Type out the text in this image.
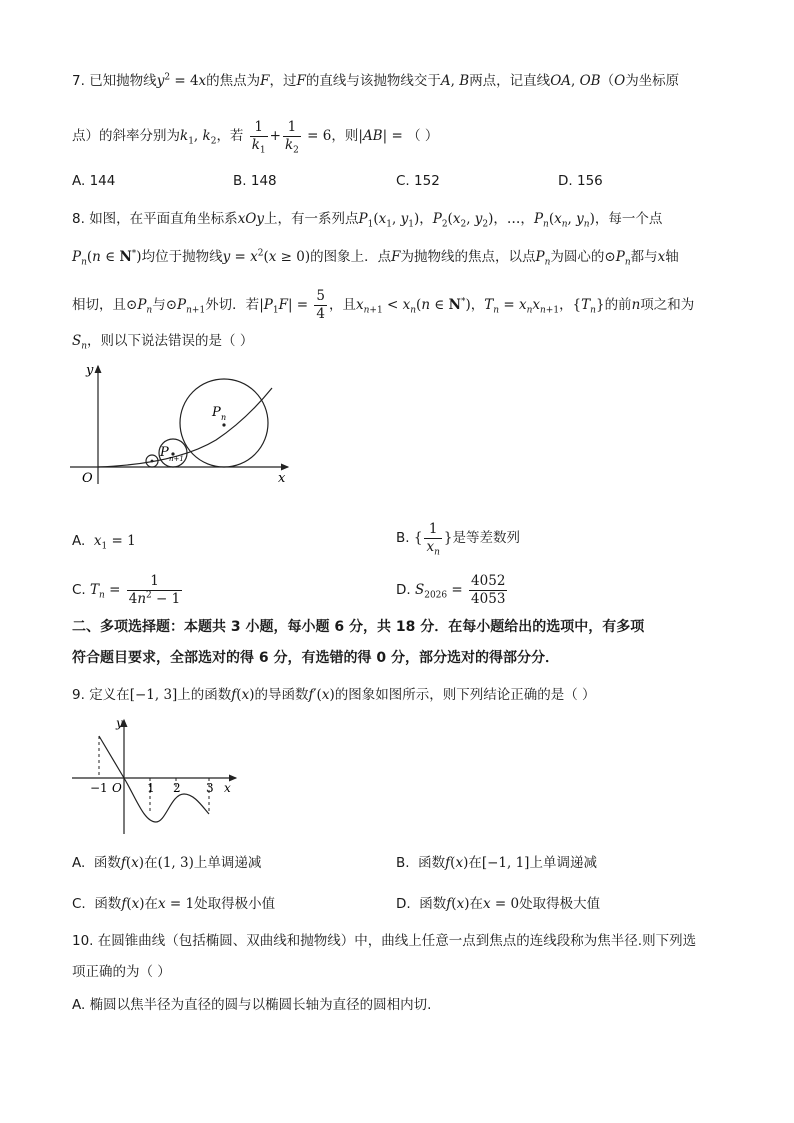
7. 已知抛物线$y^2 = 4x$的焦点为F，过F的直线与该抛物线交于A, B两点，记直线OA, OB（O为坐标原
点）的斜率分别为$k_1$, $k_2$，若 $\frac{1}{k_1} + \frac{1}{k_2} = 6$，则|AB| = （ ）
A. 144	B. 148	C. 152	D. 156
8. 如图，在平面直角坐标系xOy上，有一系列点$P_1(x_1$, $y_1$)，$P_2(x_2$, $y_2$)，…，$P_n(x_n$, $y_n$)，每一个点
$P_n(n$ ∈ N*)均位于抛物线$y = x^2(x \ge 0)$的图象上．点F为抛物线的焦点，以点$P_n$为圆心的$⊙P_n$都与x轴
相切，且$⊙P_n$与$⊙P_{n+1}$外切．若$|P_1F| = \frac{5}{4}$ ，且$x_{n+1} < x_n(n$ ∈ N*)，$T_n = x_nx_{n+1}$，$\{T_n\}$的前n项之和为
$S_n$，则以下说法错误的是（ ）
y
x
O
P n
P n+1
A. $x_1 = 1$	B. { $\frac{1}{x_n}$ }是等差数列
C. $T_n = \frac{1}{4n^2 - 1}$	D. $S_{2026} = \frac{4052}{4053}$
二、多项选择题：本题共 3 小题，每小题 6 分，共 18 分．在每小题给出的选项中，有多项
符合题目要求，全部选对的得 6 分，有选错的得 0 分，部分选对的得部分分．
9. 定义在[−1, 3]上的函数f(x)的导函数f′(x)的图象如图所示，则下列结论正确的是（ ）
y
x
−1 O 1 2 3
A. 函数f(x)在(1, 3)上单调递减	B. 函数f(x)在[−1, 1]上单调递减
C. 函数f(x)在x = 1处取得极小值	D. 函数f(x)在x = 0处取得极大值
10. 在圆锥曲线（包括椭圆、双曲线和抛物线）中，曲线上任意一点到焦点的连线段称为焦半径.则下列选
项正确的为（ ）
A. 椭圆以焦半径为直径的圆与以椭圆长轴为直径的圆相内切.
